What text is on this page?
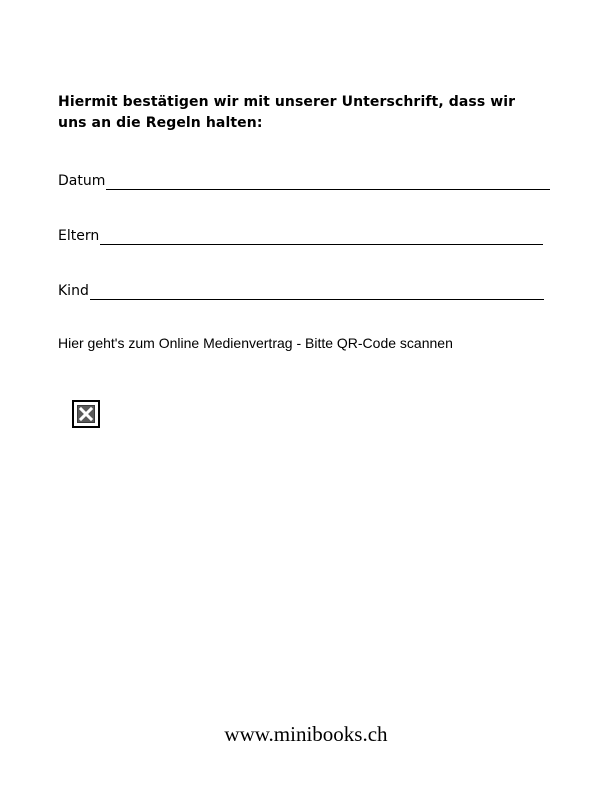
Hiermit bestätigen wir mit unserer Unterschrift, dass wir uns an die Regeln halten:

Datum
Eltern
Kind
Hier geht's zum Online Medienvertrag - Bitte QR-Code scannen
www.minibooks.ch
